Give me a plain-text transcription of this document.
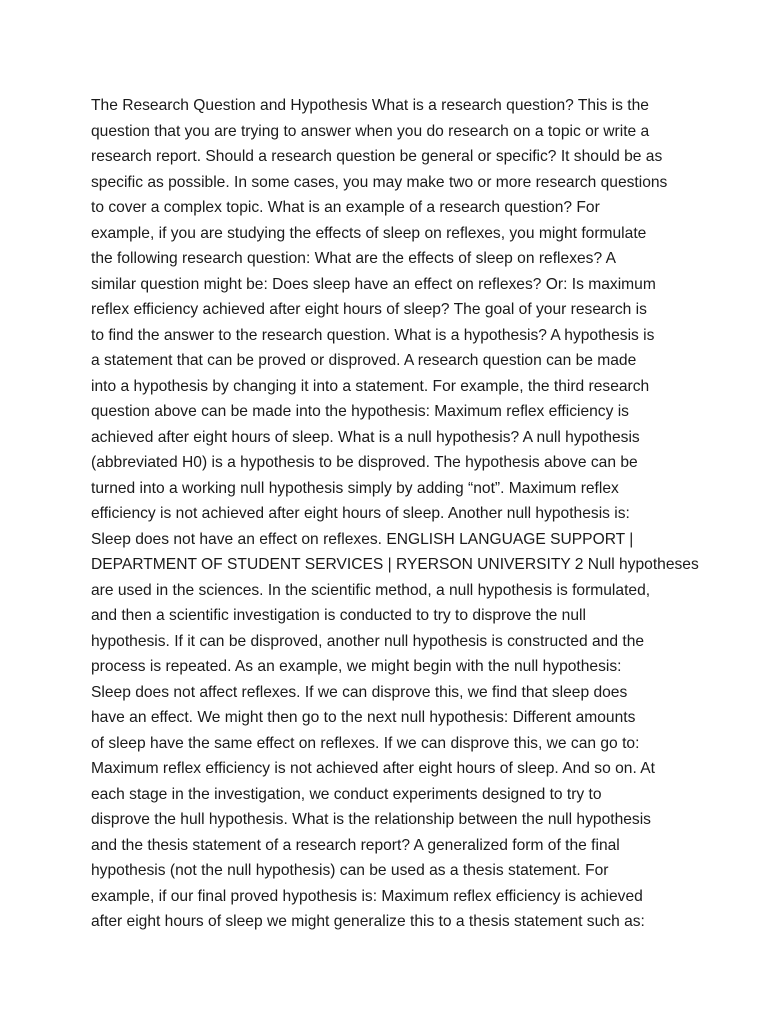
The Research Question and Hypothesis What is a research question? This is the
question that you are trying to answer when you do research on a topic or write a
research report. Should a research question be general or specific? It should be as
specific as possible. In some cases, you may make two or more research questions
to cover a complex topic. What is an example of a research question? For
example, if you are studying the effects of sleep on reflexes, you might formulate
the following research question: What are the effects of sleep on reflexes? A
similar question might be: Does sleep have an effect on reflexes? Or: Is maximum
reflex efficiency achieved after eight hours of sleep? The goal of your research is
to find the answer to the research question. What is a hypothesis? A hypothesis is
a statement that can be proved or disproved. A research question can be made
into a hypothesis by changing it into a statement. For example, the third research
question above can be made into the hypothesis: Maximum reflex efficiency is
achieved after eight hours of sleep. What is a null hypothesis? A null hypothesis
(abbreviated H0) is a hypothesis to be disproved. The hypothesis above can be
turned into a working null hypothesis simply by adding “not”. Maximum reflex
efficiency is not achieved after eight hours of sleep. Another null hypothesis is:
Sleep does not have an effect on reflexes. ENGLISH LANGUAGE SUPPORT |
DEPARTMENT OF STUDENT SERVICES | RYERSON UNIVERSITY 2 Null hypotheses
are used in the sciences. In the scientific method, a null hypothesis is formulated,
and then a scientific investigation is conducted to try to disprove the null
hypothesis. If it can be disproved, another null hypothesis is constructed and the
process is repeated. As an example, we might begin with the null hypothesis:
Sleep does not affect reflexes. If we can disprove this, we find that sleep does
have an effect. We might then go to the next null hypothesis: Different amounts
of sleep have the same effect on reflexes. If we can disprove this, we can go to:
Maximum reflex efficiency is not achieved after eight hours of sleep. And so on. At
each stage in the investigation, we conduct experiments designed to try to
disprove the hull hypothesis. What is the relationship between the null hypothesis
and the thesis statement of a research report? A generalized form of the final
hypothesis (not the null hypothesis) can be used as a thesis statement. For
example, if our final proved hypothesis is: Maximum reflex efficiency is achieved
after eight hours of sleep we might generalize this to a thesis statement such as:
